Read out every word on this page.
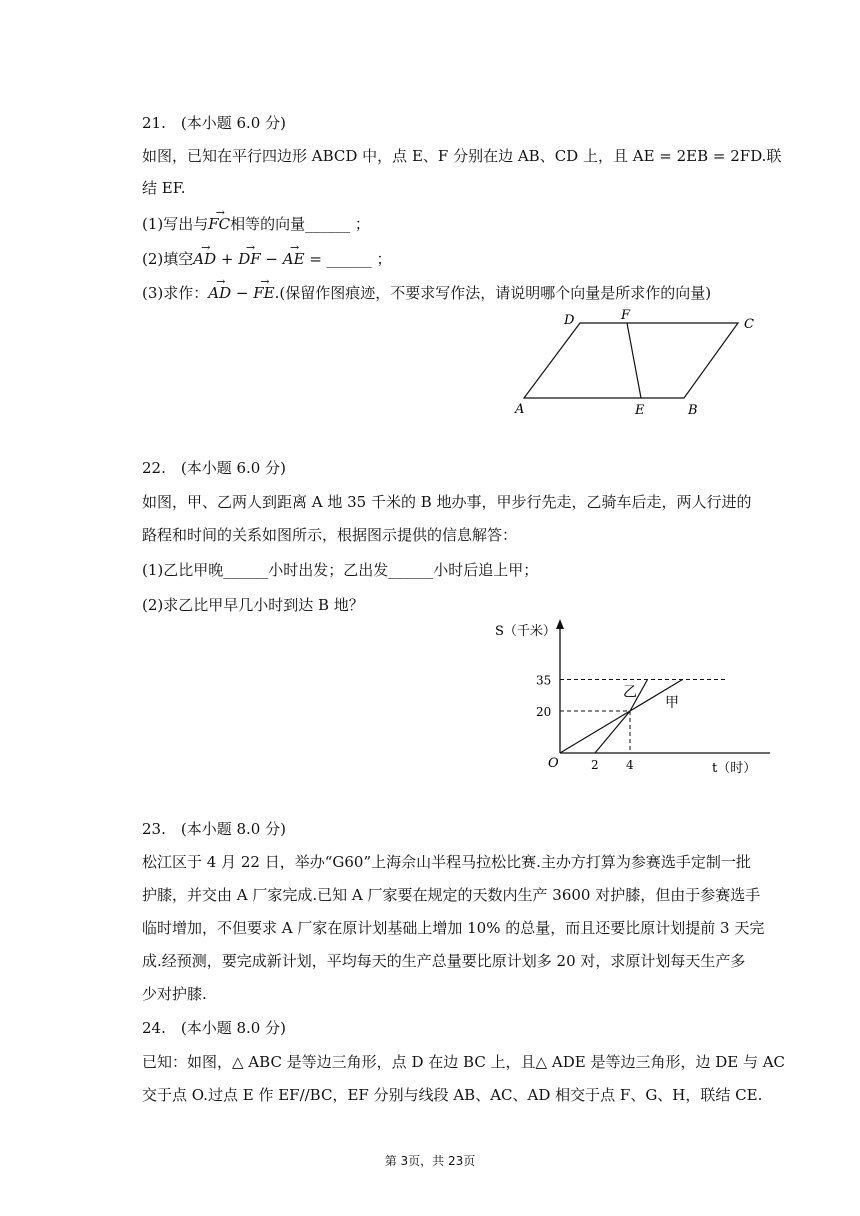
21.　(本小题 6.0 分)
如图，已知在平行四边形 ABCD 中，点 E、F 分别在边 AB、CD 上，且 AE = 2EB = 2FD.联
结 EF.
(1)写出与→ FC相等的向量______ ；
(2)填空→ AD + → DF − → AE = ______ ；
(3)求作：→ AD − → FE.(保留作图痕迹，不要求写作法，请说明哪个向量是所求作的向量)
D	F
C
A	E	B
22.　(本小题 6.0 分)
如图，甲、乙两人到距离 A 地 35 千米的 B 地办事，甲步行先走，乙骑车后走，两人行进的
路程和时间的关系如图所示，根据图示提供的信息解答：
(1)乙比甲晚______小时出发；乙出发______小时后追上甲；
(2)求乙比甲早几小时到达 B 地？
S（千米）
t（时）
O	2 4
35
20
甲
乙
23.　(本小题 8.0 分)
松江区于 4 月 22 日，举办“G60”上海佘山半程马拉松比赛.主办方打算为参赛选手定制一批
护膝，并交由 A 厂家完成.已知 A 厂家要在规定的天数内生产 3600 对护膝，但由于参赛选手
临时增加，不但要求 A 厂家在原计划基础上增加 10% 的总量，而且还要比原计划提前 3 天完
成.经预测，要完成新计划，平均每天的生产总量要比原计划多 20 对，求原计划每天生产多
少对护膝.
24.　(本小题 8.0 分)
已知：如图，△ ABC 是等边三角形，点 D 在边 BC 上，且△ ADE 是等边三角形，边 DE 与 AC
交于点 O.过点 E 作 EF//BC，EF 分别与线段 AB、AC、AD 相交于点 F、G、H，联结 CE.
第 3页，共 23页
